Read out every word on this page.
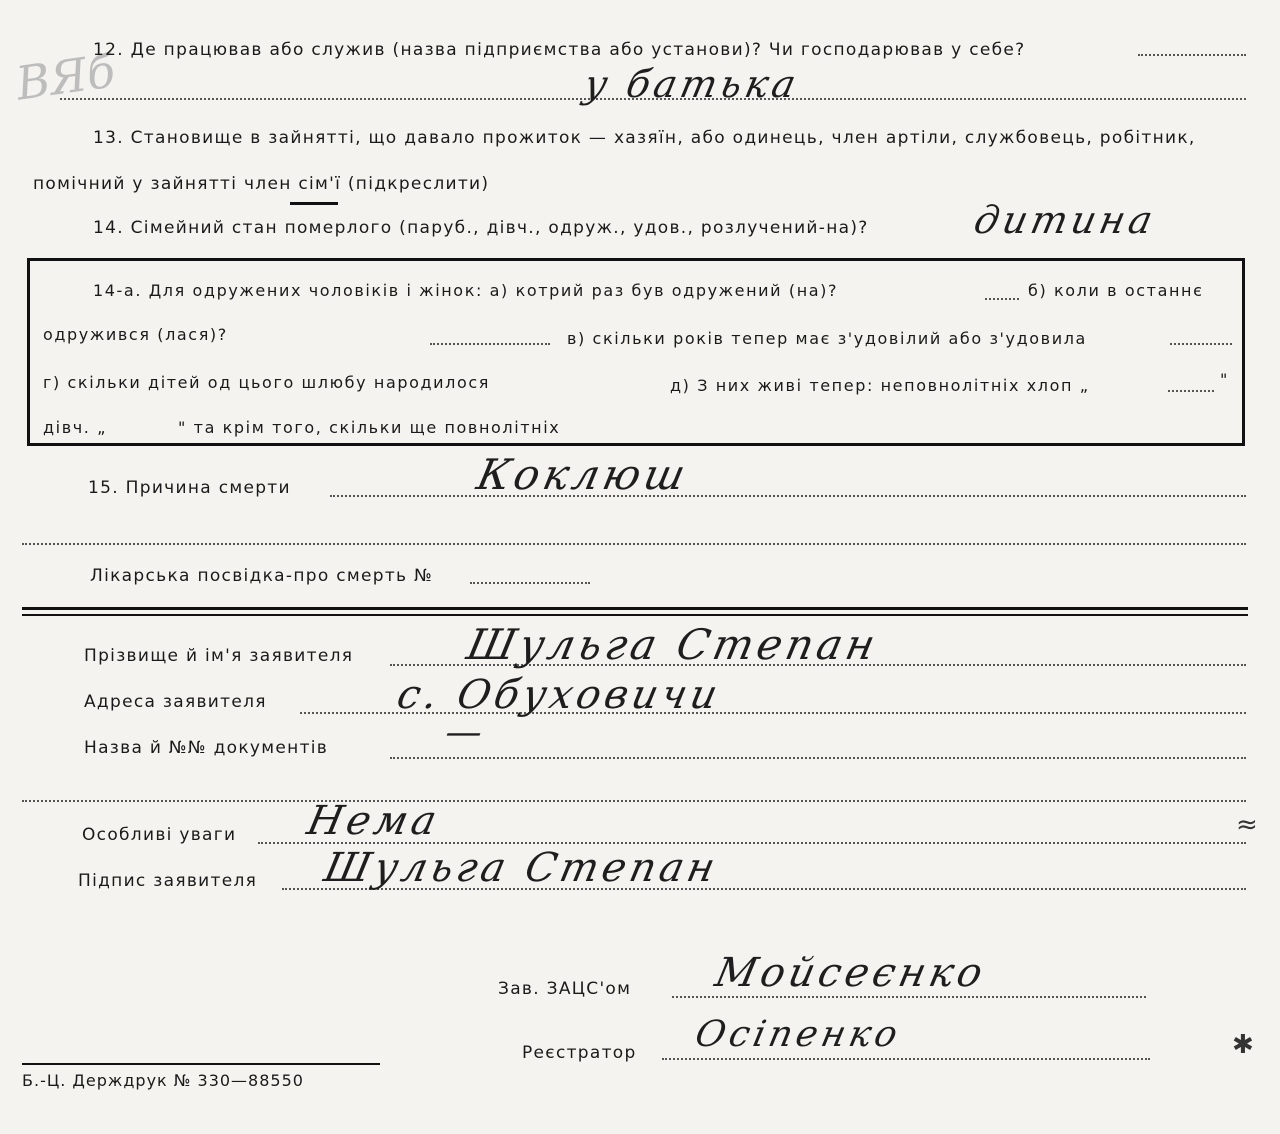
ВЯб
12. Де працював або служив (назва підприємства або установи)? Чи господарював у себе?
у батька
13. Становище в зайнятті, що давало прожиток — хазяїн, або одинець, член артіли, службовець, робітник,
помічний у зайнятті член сім'ї (підкреслити)
14. Сімейний стан померлого (паруб., дівч., одруж., удов., розлучений-на)?	дитина
14-а. Для одружених чоловіків і жінок: а) котрий раз був одружений (на)?	б) коли в останнє
одружився (лася)?	в) скільки років тепер має з'удовілий або з'удовила
г) скільки дітей од цього шлюбу народилося	д) З них живі тепер: неповнолітніх хлоп „	"
дівч. „	" та крім того, скільки ще повнолітніх
15. Причина смерти	Коклюш
Лікарська посвідка-про смерть №
Прізвище й ім'я заявителя	Шульга Степан
Адреса заявителя	с. Обуховичи
Назва й №№ документів	—
Особливі уваги Нема
Підпис заявителя Шульга Степан
Зав. ЗАЦС'ом Мойсеєнко
Реєстратор Осіпенко
≈
✱
Б.-Ц. Держдрук № 330—88550
